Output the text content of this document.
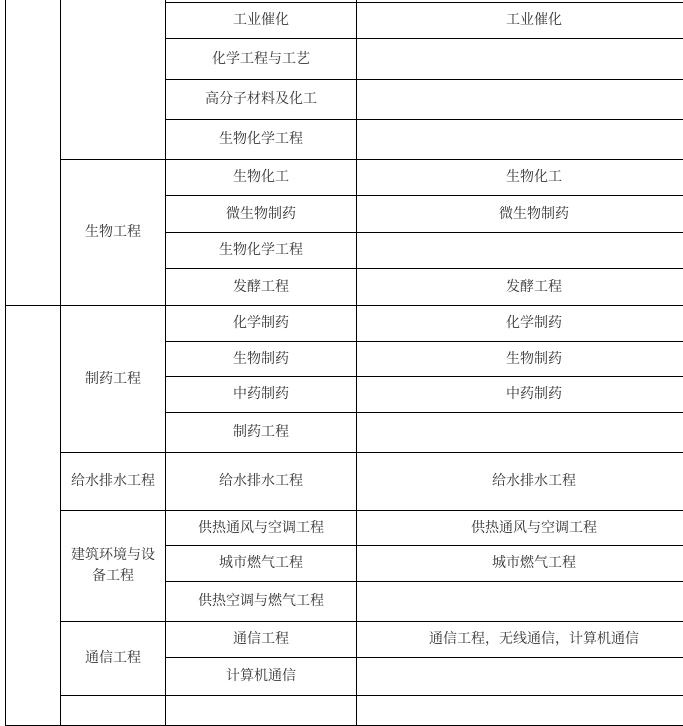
		工业催化	工业催化
		化学工程与工艺	
		高分子材料及化工	
		生物化学工程	
	生物工程	生物化工	生物化工
		微生物制药	微生物制药
		生物化学工程	
		发酵工程	发酵工程
	制药工程	化学制药	化学制药
		生物制药	生物制药
		中药制药	中药制药
		制药工程	
	给水排水工程	给水排水工程	给水排水工程
	建筑环境与设备工程	供热通风与空调工程	供热通风与空调工程
		城市燃气工程	城市燃气工程
		供热空调与燃气工程	
	通信工程	通信工程	通信工程，无线通信，计算机通信
		计算机通信	
